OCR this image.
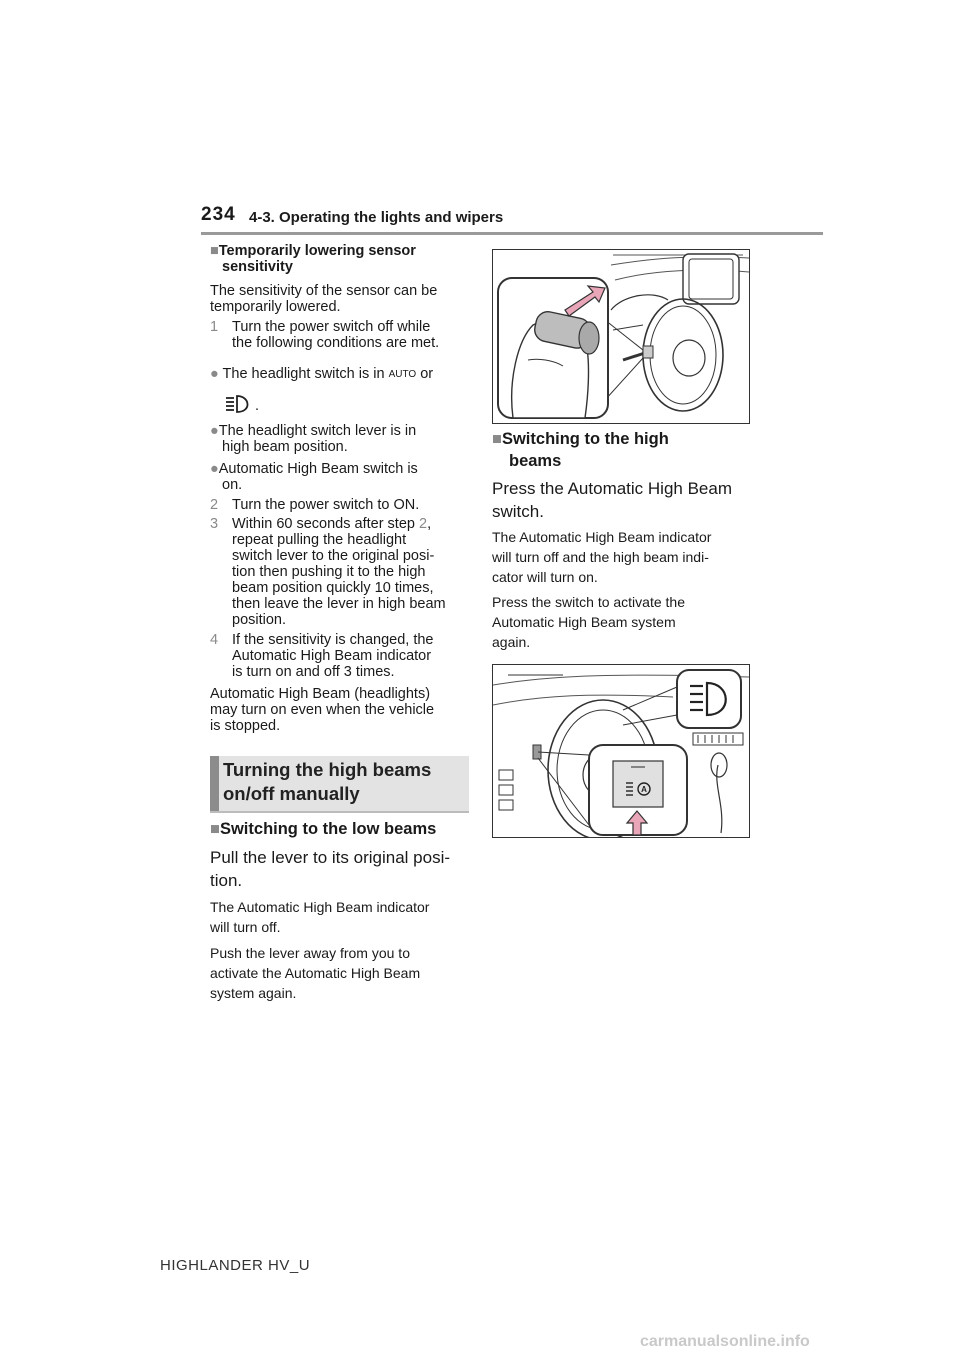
234 4-3. Operating the lights and wipers
■Temporarily lowering sensor
sensitivity

The sensitivity of the sensor can be

temporarily lowered.

1 Turn the power switch off while

the following conditions are met.

● The headlight switch is in AUTO or
.
●The headlight switch lever is in
high beam position.
●Automatic High Beam switch is
on.
2 Turn the power switch to ON.
3 Within 60 seconds after step 2,

repeat pulling the headlight

switch lever to the original posi-

tion then pushing it to the high

beam position quickly 10 times,

then leave the lever in high beam

position.

4 If the sensitivity is changed, the

Automatic High Beam indicator

is turn on and off 3 times.

Automatic High Beam (headlights)

may turn on even when the vehicle

is stopped.

Turning the high beams

on/off manually

■Switching to the low beams

Pull the lever to its original posi-

tion.

The Automatic High Beam indicator

will turn off.

Push the lever away from you to

activate the Automatic High Beam

system again.

■Switching to the high

beams

Press the Automatic High Beam

switch.

The Automatic High Beam indicator

will turn off and the high beam indi-

cator will turn on.

Press the switch to activate the

Automatic High Beam system

again.

A
HIGHLANDER HV_U
carmanualsonline.info
